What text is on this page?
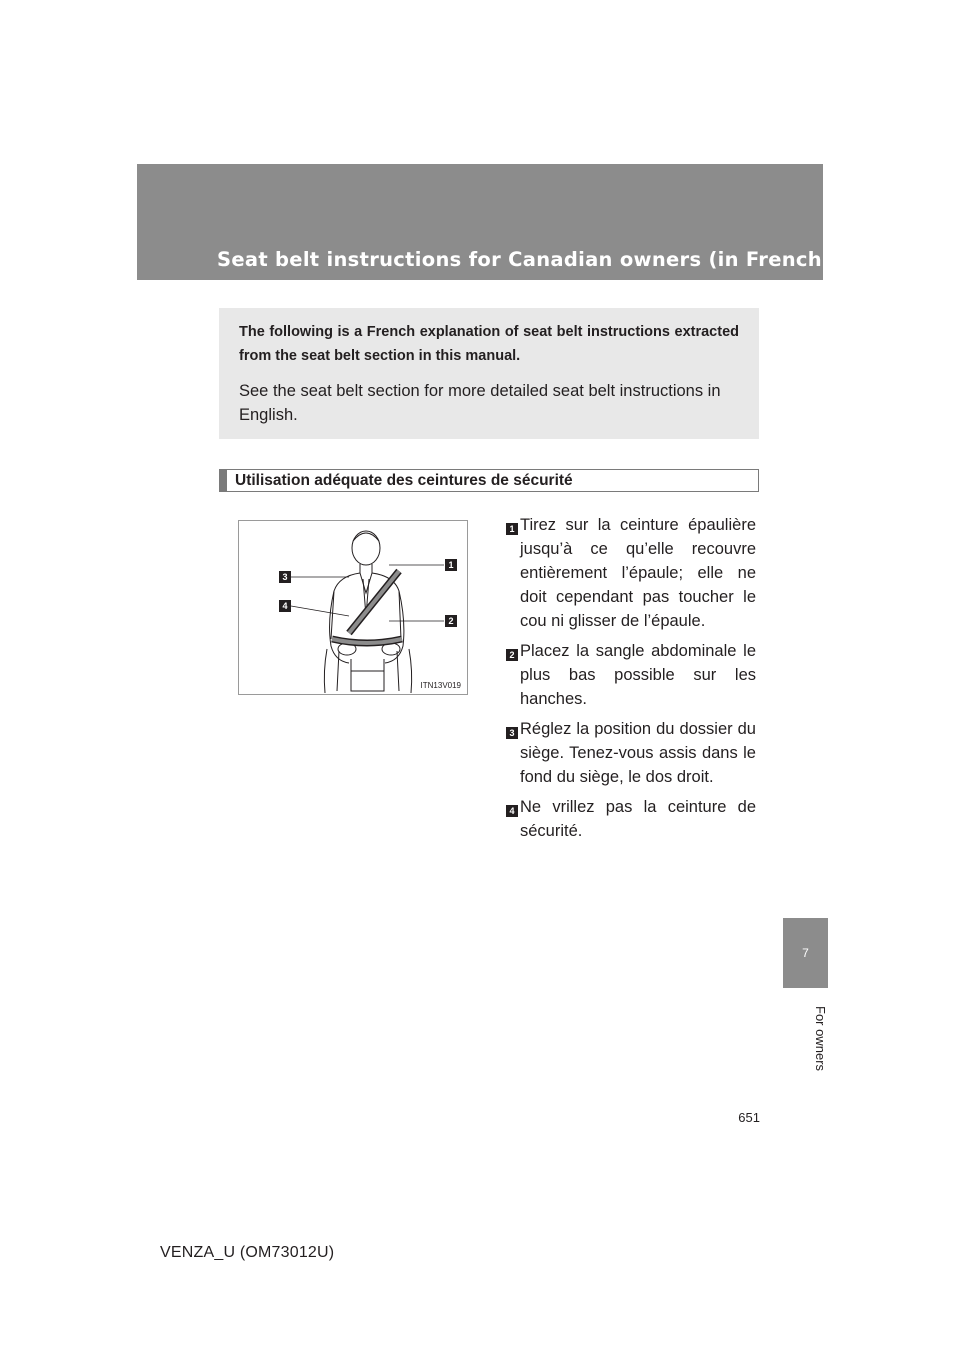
Seat belt instructions for Canadian owners (in French)

The following is a French explanation of seat belt instructions extracted from the seat belt section in this manual.

See the seat belt section for more detailed seat belt instructions in English.

Utilisation adéquate des ceintures de sécurité
3
4
1
2
ITN13V019
1 Tirez sur la ceinture épaulière jusqu’à ce qu’elle recouvre entièrement l’épaule; elle ne doit cependant pas toucher le cou ni glisser de l’épaule.

2 Placez la sangle abdominale le plus bas possible sur les hanches.

3 Réglez la position du dossier du siège. Tenez-vous assis dans le fond du siège, le dos droit.

4 Ne vrillez pas la ceinture de sécurité.

7
For owners
651
VENZA_U (OM73012U)
